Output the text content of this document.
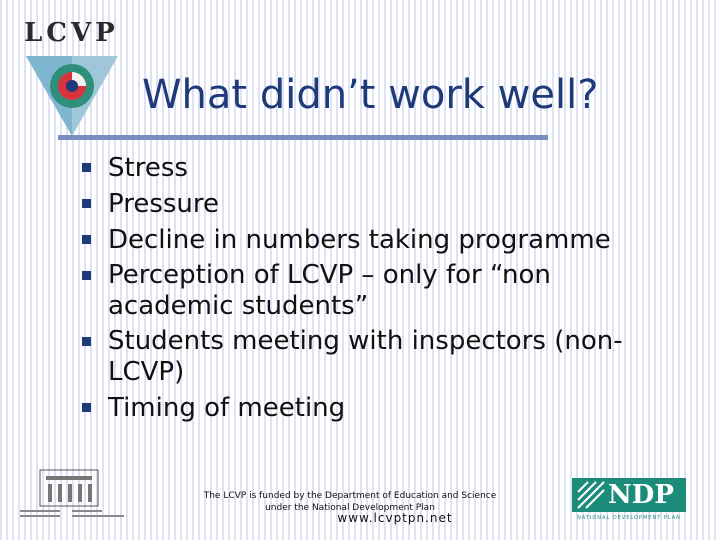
LCVP
What didn’t work well?
Stress
Pressure
Decline in numbers taking programme
Perception of LCVP – only for “non academic students”
Students meeting with inspectors (non-LCVP)
Timing of meeting
The LCVP is funded by the Department of Education and Science
under the National Development Plan
www.lcvptpn.net
NDP
NATIONAL DEVELOPMENT PLAN
